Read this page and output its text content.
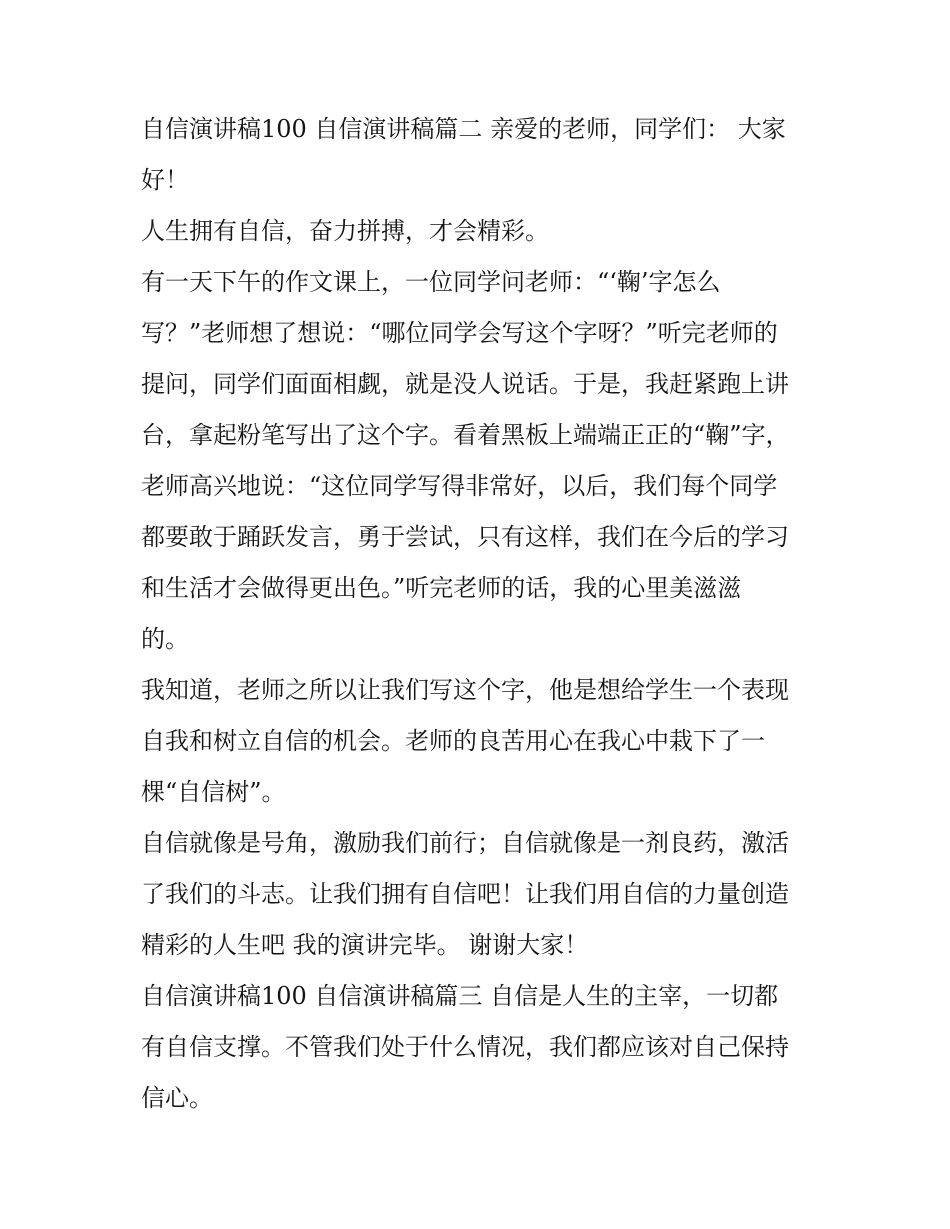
自信演讲稿100 自信演讲稿篇二 亲爱的老师，同学们： 大家
好！
人生拥有自信，奋力拼搏，才会精彩。
有一天下午的作文课上，一位同学问老师：“‘鞠’字怎么
写？”老师想了想说：“哪位同学会写这个字呀？”听完老师的
提问，同学们面面相觑，就是没人说话。于是，我赶紧跑上讲
台，拿起粉笔写出了这个字。看着黑板上端端正正的“鞠”字，
老师高兴地说：“这位同学写得非常好，以后，我们每个同学
都要敢于踊跃发言，勇于尝试，只有这样，我们在今后的学习
和生活才会做得更出色。”听完老师的话，我的心里美滋滋
的。
我知道，老师之所以让我们写这个字，他是想给学生一个表现
自我和树立自信的机会。老师的良苦用心在我心中栽下了一
棵“自信树”。
自信就像是号角，激励我们前行；自信就像是一剂良药，激活
了我们的斗志。让我们拥有自信吧！让我们用自信的力量创造
精彩的人生吧 我的演讲完毕。 谢谢大家！
自信演讲稿100 自信演讲稿篇三 自信是人生的主宰，一切都
有自信支撑。不管我们处于什么情况，我们都应该对自己保持
信心。
